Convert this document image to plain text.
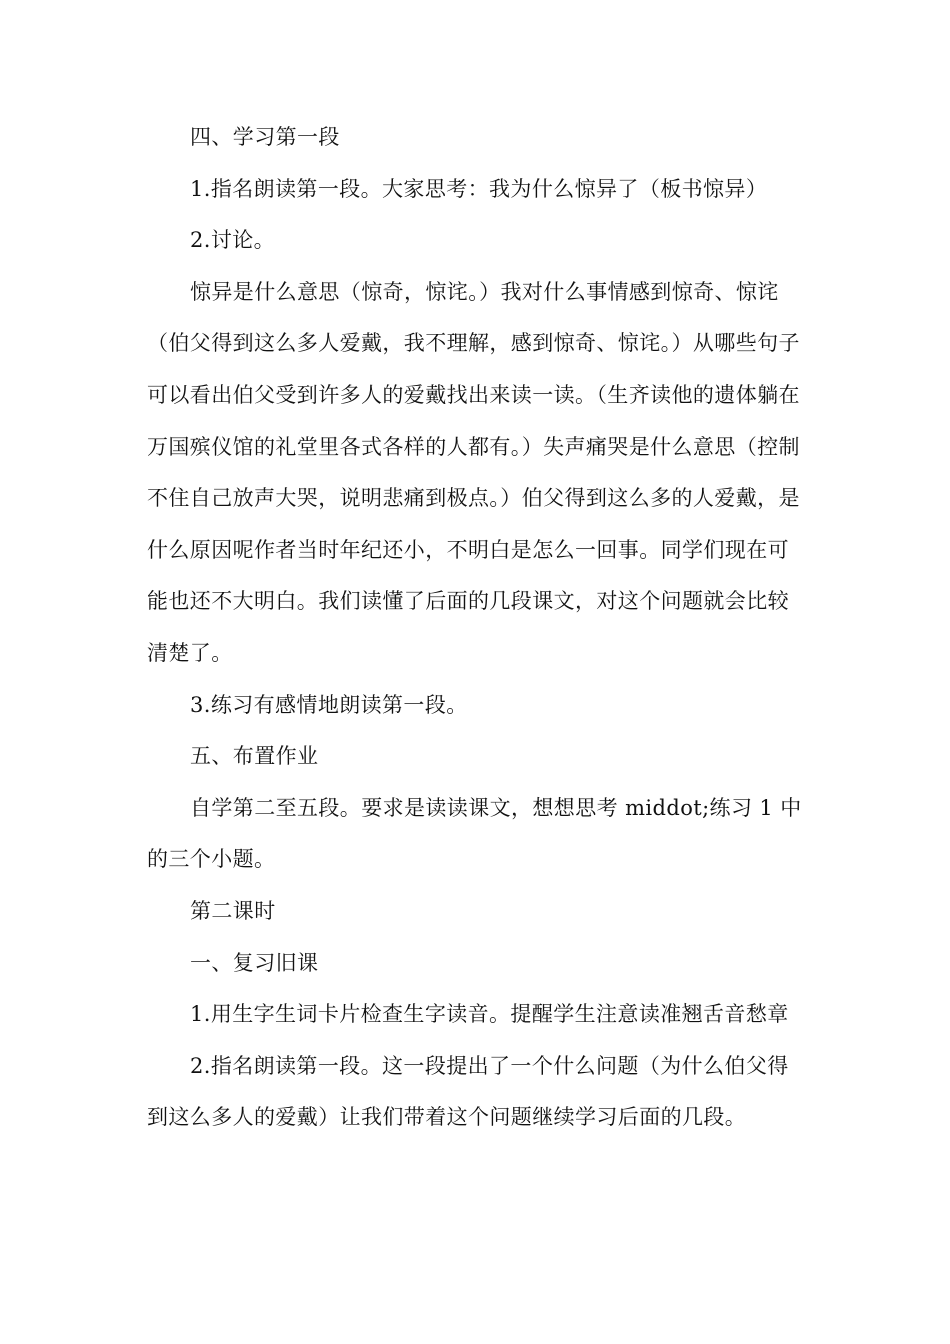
四、学习第一段

1.指名朗读第一段。大家思考：我为什么惊异了（板书惊异）

2.讨论。

惊异是什么意思（惊奇，惊诧。）我对什么事情感到惊奇、惊诧（伯父得到这么多人爱戴，我不理解，感到惊奇、惊诧。）从哪些句子可以看出伯父受到许多人的爱戴找出来读一读。（生齐读他的遗体躺在万国殡仪馆的礼堂里各式各样的人都有。）失声痛哭是什么意思（控制不住自己放声大哭，说明悲痛到极点。）伯父得到这么多的人爱戴，是什么原因呢作者当时年纪还小，不明白是怎么一回事。同学们现在可能也还不大明白。我们读懂了后面的几段课文，对这个问题就会比较清楚了。

3.练习有感情地朗读第一段。

五、布置作业

自学第二至五段。要求是读读课文，想想思考 middot;练习 1 中的三个小题。

第二课时

一、复习旧课

1.用生字生词卡片检查生字读音。提醒学生注意读准翘舌音愁章

2.指名朗读第一段。这一段提出了一个什么问题（为什么伯父得到这么多人的爱戴）让我们带着这个问题继续学习后面的几段。
